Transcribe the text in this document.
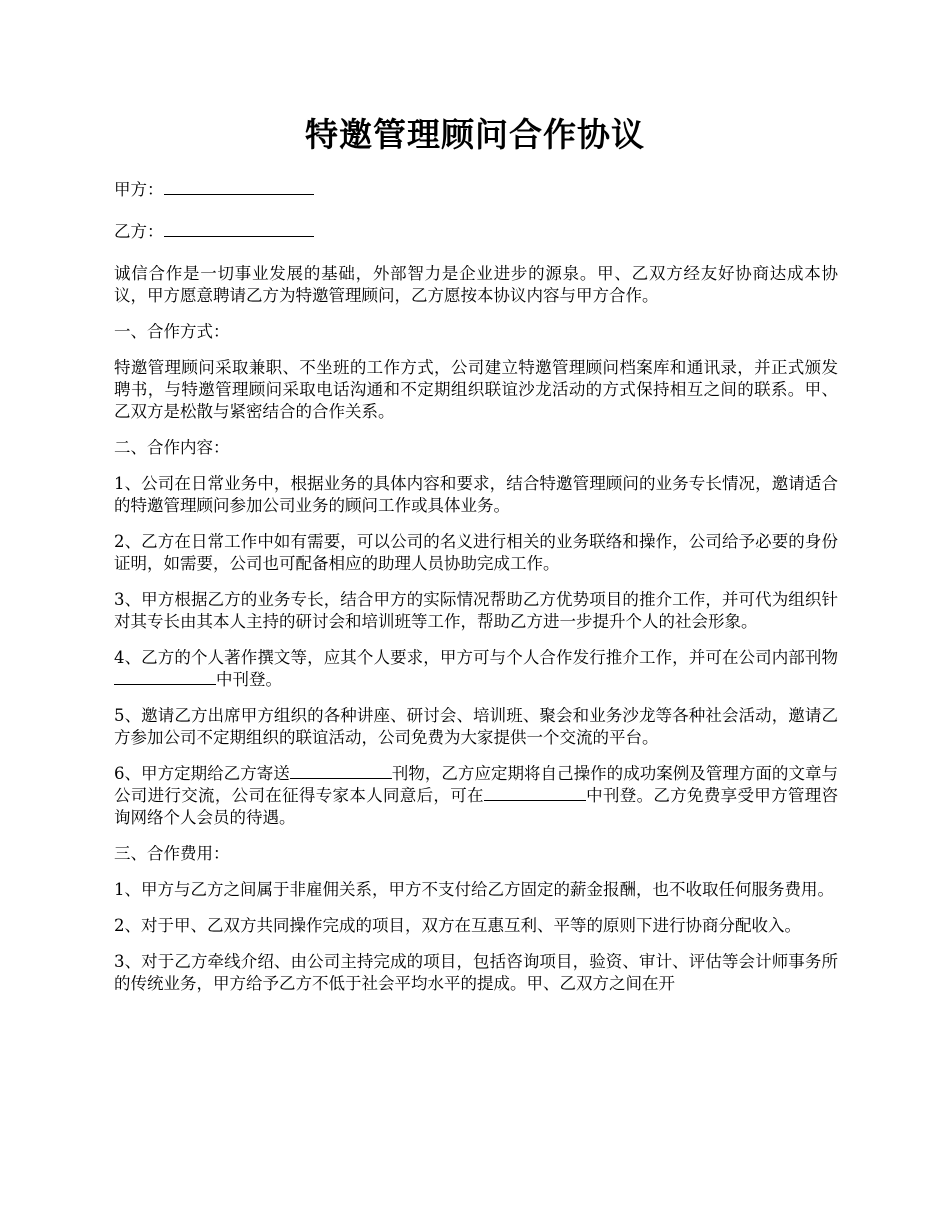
特邀管理顾问合作协议

甲方：

乙方：

诚信合作是一切事业发展的基础，外部智力是企业进步的源泉。甲、乙双方经友好协商达成本协议，甲方愿意聘请乙方为特邀管理顾问，乙方愿按本协议内容与甲方合作。

一、合作方式：

特邀管理顾问采取兼职、不坐班的工作方式，公司建立特邀管理顾问档案库和通讯录，并正式颁发聘书，与特邀管理顾问采取电话沟通和不定期组织联谊沙龙活动的方式保持相互之间的联系。甲、乙双方是松散与紧密结合的合作关系。

二、合作内容：

1、公司在日常业务中，根据业务的具体内容和要求，结合特邀管理顾问的业务专长情况，邀请适合的特邀管理顾问参加公司业务的顾问工作或具体业务。

2、乙方在日常工作中如有需要，可以公司的名义进行相关的业务联络和操作，公司给予必要的身份证明，如需要，公司也可配备相应的助理人员协助完成工作。

3、甲方根据乙方的业务专长，结合甲方的实际情况帮助乙方优势项目的推介工作，并可代为组织针对其专长由其本人主持的研讨会和培训班等工作，帮助乙方进一步提升个人的社会形象。

4、乙方的个人著作撰文等，应其个人要求，甲方可与个人合作发行推介工作，并可在公司内部刊物中刊登。

5、邀请乙方出席甲方组织的各种讲座、研讨会、培训班、聚会和业务沙龙等各种社会活动，邀请乙方参加公司不定期组织的联谊活动，公司免费为大家提供一个交流的平台。

6、甲方定期给乙方寄送	刊物，乙方应定期将自己操作的成功案例及管理方面的文章与公司进行交流，公司在征得专家本人同意后，可在	中刊登。乙方免费享受甲方管理咨询网络个人会员的待遇。

三、合作费用：

1、甲方与乙方之间属于非雇佣关系，甲方不支付给乙方固定的薪金报酬，也不收取任何服务费用。

2、对于甲、乙双方共同操作完成的项目，双方在互惠互利、平等的原则下进行协商分配收入。

3、对于乙方牵线介绍、由公司主持完成的项目，包括咨询项目，验资、审计、评估等会计师事务所的传统业务，甲方给予乙方不低于社会平均水平的提成。甲、乙双方之间在开
